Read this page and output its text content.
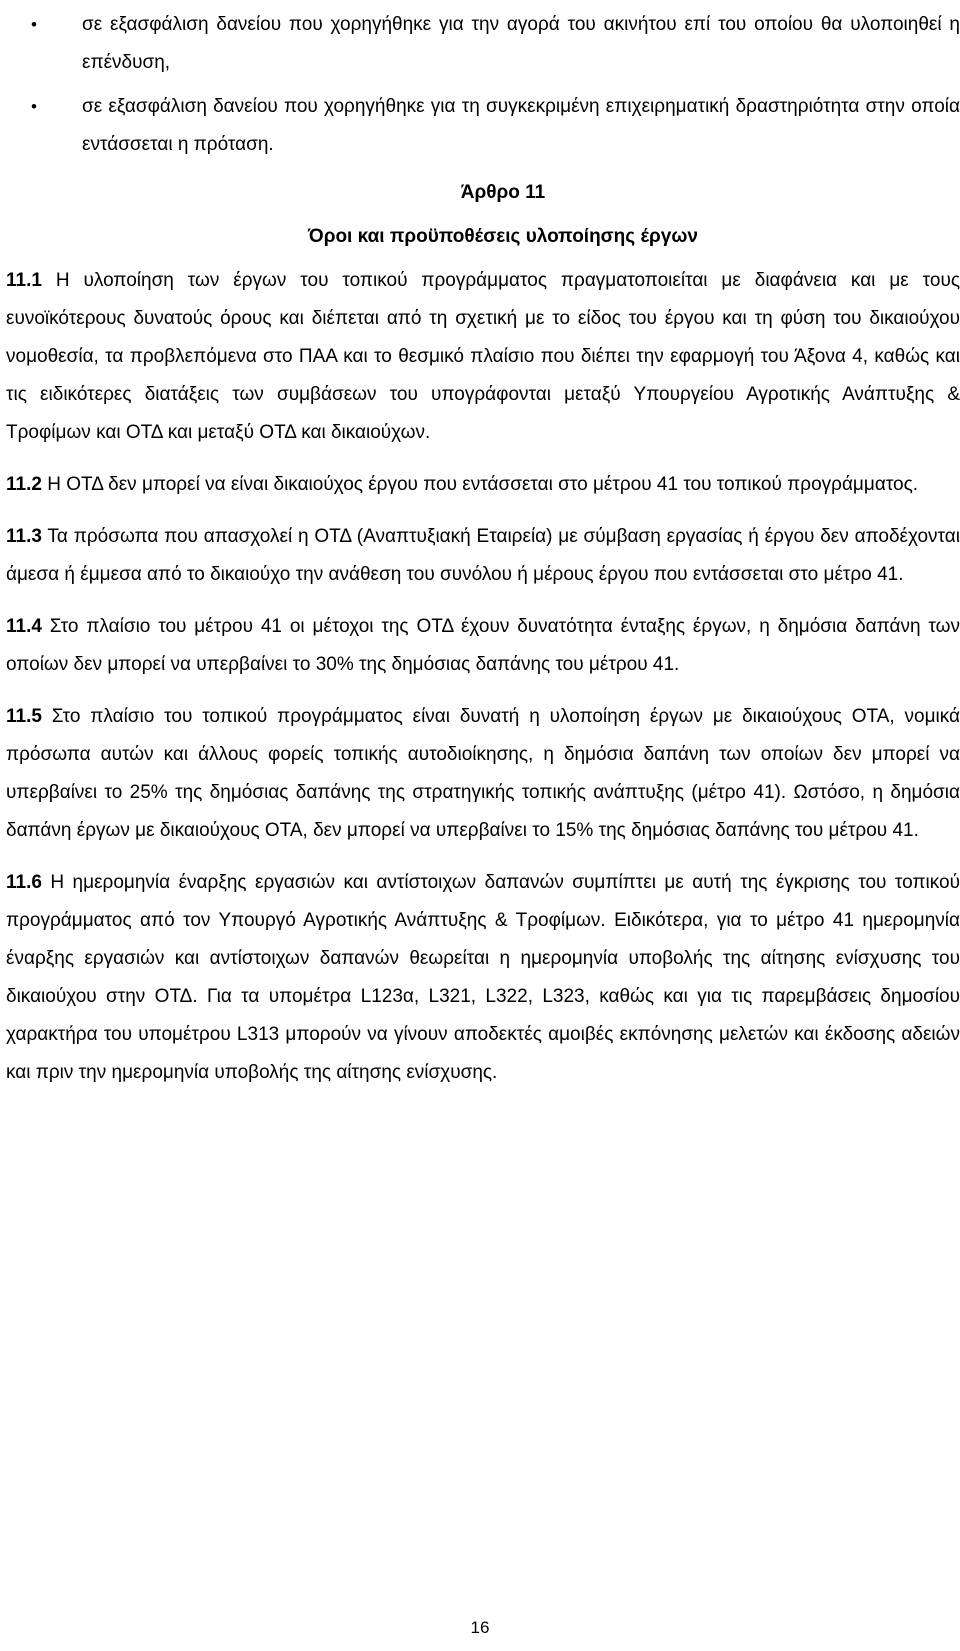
• σε εξασφάλιση δανείου που χορηγήθηκε για την αγορά του ακινήτου επί του οποίου θα υλοποιηθεί η επένδυση,
• σε εξασφάλιση δανείου που χορηγήθηκε για τη συγκεκριμένη επιχειρηματική δραστηριότητα στην οποία εντάσσεται η πρόταση.
Άρθρο 11
Όροι και προϋποθέσεις υλοποίησης έργων

11.1 Η υλοποίηση των έργων του τοπικού προγράμματος πραγματοποιείται με διαφάνεια και με τους ευνοϊκότερους δυνατούς όρους και διέπεται από τη σχετική με το είδος του έργου και τη φύση του δικαιούχου νομοθεσία, τα προβλεπόμενα στο ΠΑΑ και το θεσμικό πλαίσιο που διέπει την εφαρμογή του Άξονα 4, καθώς και τις ειδικότερες διατάξεις των συμβάσεων του υπογράφονται μεταξύ Υπουργείου Αγροτικής Ανάπτυξης & Τροφίμων και ΟΤΔ και μεταξύ ΟΤΔ και δικαιούχων.

11.2 Η ΟΤΔ δεν μπορεί να είναι δικαιούχος έργου που εντάσσεται στο μέτρου 41 του τοπικού προγράμματος.

11.3 Τα πρόσωπα που απασχολεί η ΟΤΔ (Αναπτυξιακή Εταιρεία) με σύμβαση εργασίας ή έργου δεν αποδέχονται άμεσα ή έμμεσα από το δικαιούχο την ανάθεση του συνόλου ή μέρους έργου που εντάσσεται στο μέτρο 41.

11.4 Στο πλαίσιο του μέτρου 41 οι μέτοχοι της ΟΤΔ έχουν δυνατότητα ένταξης έργων, η δημόσια δαπάνη των οποίων δεν μπορεί να υπερβαίνει το 30% της δημόσιας δαπάνης του μέτρου 41.

11.5 Στο πλαίσιο του τοπικού προγράμματος είναι δυνατή η υλοποίηση έργων με δικαιούχους ΟΤΑ, νομικά πρόσωπα αυτών και άλλους φορείς τοπικής αυτοδιοίκησης, η δημόσια δαπάνη των οποίων δεν μπορεί να υπερβαίνει το 25% της δημόσιας δαπάνης της στρατηγικής τοπικής ανάπτυξης (μέτρο 41). Ωστόσο, η δημόσια δαπάνη έργων με δικαιούχους ΟΤΑ, δεν μπορεί να υπερβαίνει το 15% της δημόσιας δαπάνης του μέτρου 41.

11.6 Η ημερομηνία έναρξης εργασιών και αντίστοιχων δαπανών συμπίπτει με αυτή της έγκρισης του τοπικού προγράμματος από τον Υπουργό Αγροτικής Ανάπτυξης & Τροφίμων. Ειδικότερα, για το μέτρο 41 ημερομηνία έναρξης εργασιών και αντίστοιχων δαπανών θεωρείται η ημερομηνία υποβολής της αίτησης ενίσχυσης του δικαιούχου στην ΟΤΔ. Για τα υπομέτρα L123α, L321, L322, L323, καθώς και για τις παρεμβάσεις δημοσίου χαρακτήρα του υπομέτρου L313 μπορούν να γίνουν αποδεκτές αμοιβές εκπόνησης μελετών και έκδοσης αδειών και πριν την ημερομηνία υποβολής της αίτησης ενίσχυσης.

16
